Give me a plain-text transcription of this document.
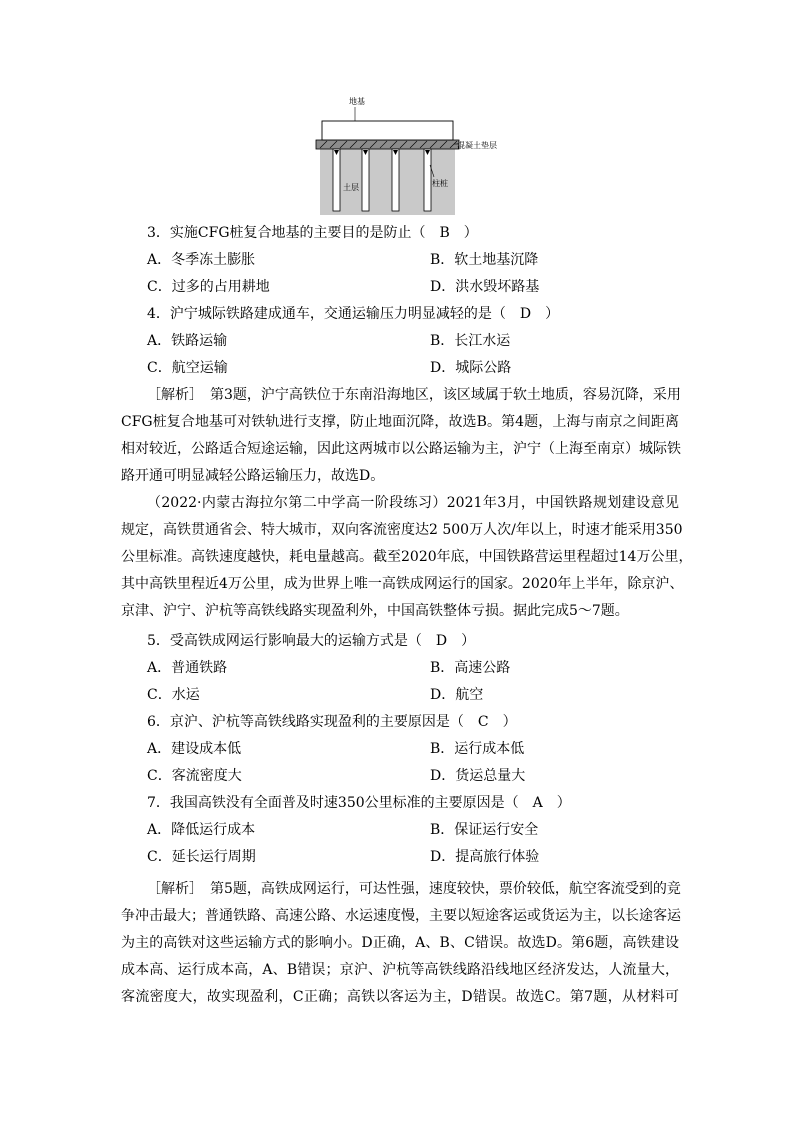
地基
混凝土垫层
土层	柱桩
3．实施CFG桩复合地基的主要目的是防止（　B　）
A．冬季冻土膨胀	B．软土地基沉降
C．过多的占用耕地	D．洪水毁坏路基
4．沪宁城际铁路建成通车，交通运输压力明显减轻的是（　D　）
A．铁路运输	B．长江水运
C．航空运输	D．城际公路
［解析］　第3题，沪宁高铁位于东南沿海地区，该区域属于软土地质，容易沉降，采用
CFG桩复合地基可对铁轨进行支撑，防止地面沉降，故选B。第4题，上海与南京之间距离
相对较近，公路适合短途运输，因此这两城市以公路运输为主，沪宁（上海至南京）城际铁
路开通可明显减轻公路运输压力，故选D。
（2022·内蒙古海拉尔第二中学高一阶段练习）2021年3月，中国铁路规划建设意见
规定，高铁贯通省会、特大城市，双向客流密度达2 500万人次/年以上，时速才能采用350
公里标准。高铁速度越快，耗电量越高。截至2020年底，中国铁路营运里程超过14万公里，
其中高铁里程近4万公里，成为世界上唯一高铁成网运行的国家。2020年上半年，除京沪、
京津、沪宁、沪杭等高铁线路实现盈利外，中国高铁整体亏损。据此完成5～7题。
5．受高铁成网运行影响最大的运输方式是（　D　）
A．普通铁路	B．高速公路
C．水运	D．航空
6．京沪、沪杭等高铁线路实现盈利的主要原因是（　C　）
A．建设成本低	B．运行成本低
C．客流密度大	D．货运总量大
7．我国高铁没有全面普及时速350公里标准的主要原因是（　A　）
A．降低运行成本	B．保证运行安全
C．延长运行周期	D．提高旅行体验
［解析］　第5题，高铁成网运行，可达性强，速度较快，票价较低，航空客流受到的竞
争冲击最大；普通铁路、高速公路、水运速度慢，主要以短途客运或货运为主，以长途客运
为主的高铁对这些运输方式的影响小。D正确，A、B、C错误。故选D。第6题，高铁建设
成本高、运行成本高，A、B错误；京沪、沪杭等高铁线路沿线地区经济发达，人流量大，
客流密度大，故实现盈利，C正确；高铁以客运为主，D错误。故选C。第7题，从材料可
